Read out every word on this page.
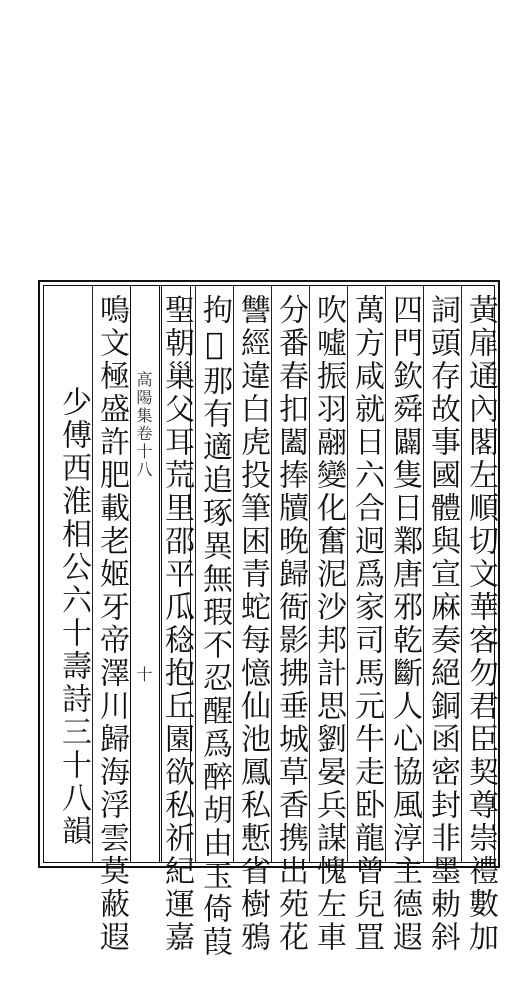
黃扉通內閣左順切文華客勿君臣契尊崇禮數加
詞頭存故事國體與宣麻奏絕銅函密封非墨勅斜
四門欽舜闢隻日鄴唐邪乾斷人心協風淳主德遐
萬方咸就日六合迥爲家司馬元牛走卧龍曾兒罝
吹噓振羽翮變化奮泥沙邦計思劉晏兵謀愧左車
分番春扣闔捧牘晚歸衙影拂垂城草香携出苑花
讐經違白虎投筆困青蛇每憶仙池鳳私慙省樹鴉
拘𤓰那有適追琢異無瑕不忍醒爲醉胡由玉倚葭
聖朝巢父耳荒里邵平瓜稔抱丘園欲私祈紀運嘉
鳴文極盛許肥載老姬牙帝澤川歸海浮雲莫蔽遐
少傅西淮相公六十壽詩三十八韻	高陽集卷十八
十
